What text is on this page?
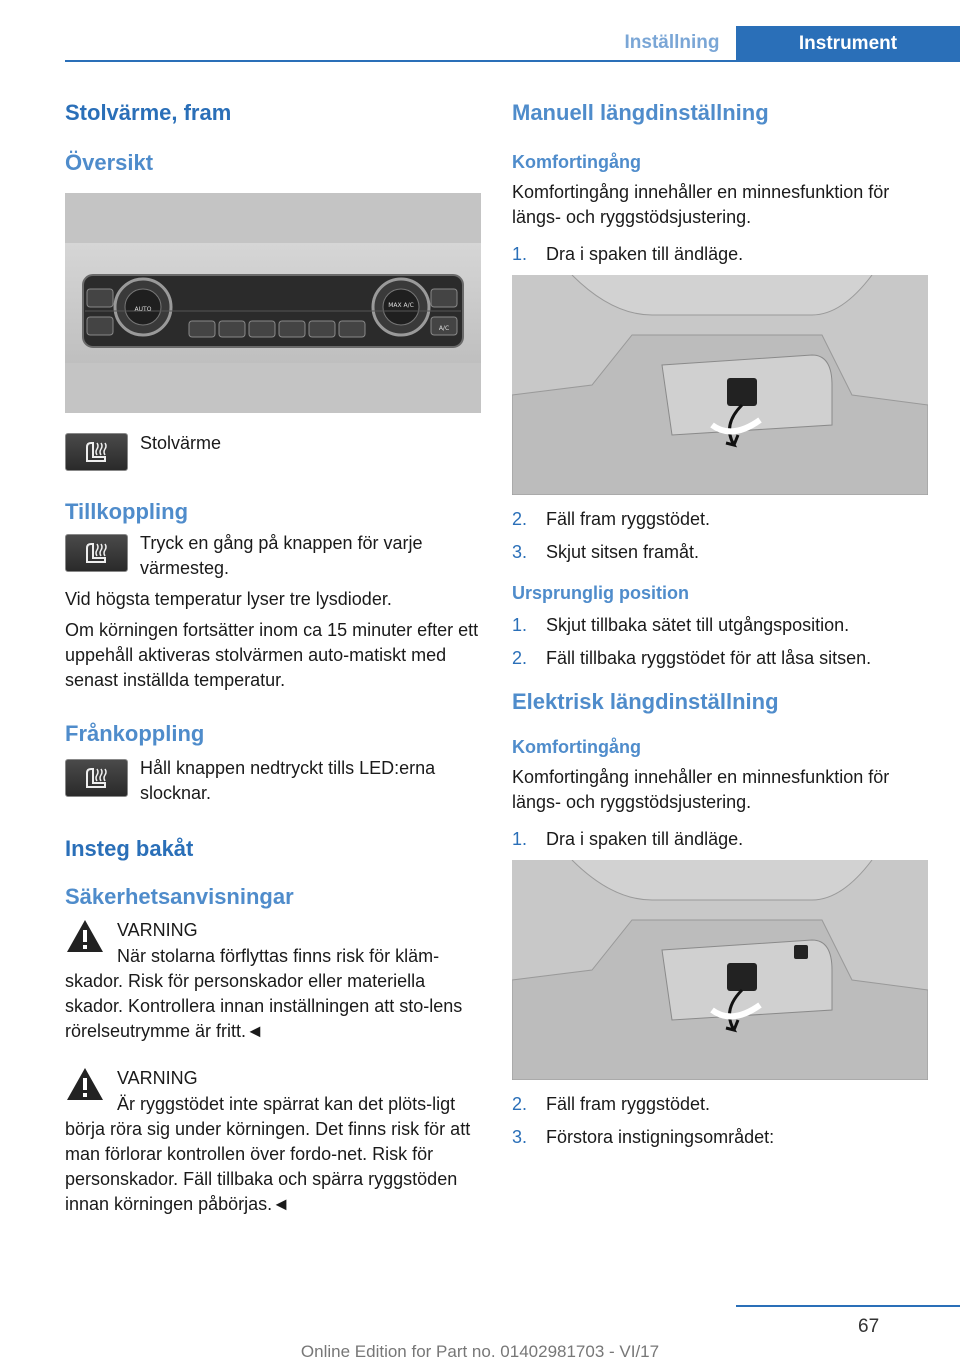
Inställning	Instrument
Stolvärme, fram
Översikt
AUTO
MAX A/C
A/C
Stolvärme
Tillkoppling
Tryck en gång på knappen för varje värmesteg.
Vid högsta temperatur lyser tre lysdioder.
Om körningen fortsätter inom ca 15 minuter efter ett uppehåll aktiveras stolvärmen auto-matiskt med senast inställda temperatur.
Frånkoppling
Håll knappen nedtryckt tills LED:erna slocknar.
Insteg bakåt
Säkerhetsanvisningar
VARNING
När stolarna förflyttas finns risk för kläm-skador. Risk för personskador eller materiella skador. Kontrollera innan inställningen att sto-lens rörelseutrymme är fritt.◄
VARNING
Är ryggstödet inte spärrat kan det plöts-ligt börja röra sig under körningen. Det finns risk för att man förlorar kontrollen över fordo-net. Risk för personskador. Fäll tillbaka och spärra ryggstöden innan körningen påbörjas.◄
Manuell längdinställning
Komfortingång
Komfortingång innehåller en minnesfunktion för längs- och ryggstödsjustering.
1.	Dra i spaken till ändläge.
2.	Fäll fram ryggstödet.
3.	Skjut sitsen framåt.
Ursprunglig position
1.	Skjut tillbaka sätet till utgångsposition.
2.	Fäll tillbaka ryggstödet för att låsa sitsen.
Elektrisk längdinställning
Komfortingång
Komfortingång innehåller en minnesfunktion för längs- och ryggstödsjustering.
1.	Dra i spaken till ändläge.
2.	Fäll fram ryggstödet.
3.	Förstora instigningsområdet:
67
Online Edition for Part no. 01402981703 - VI/17
